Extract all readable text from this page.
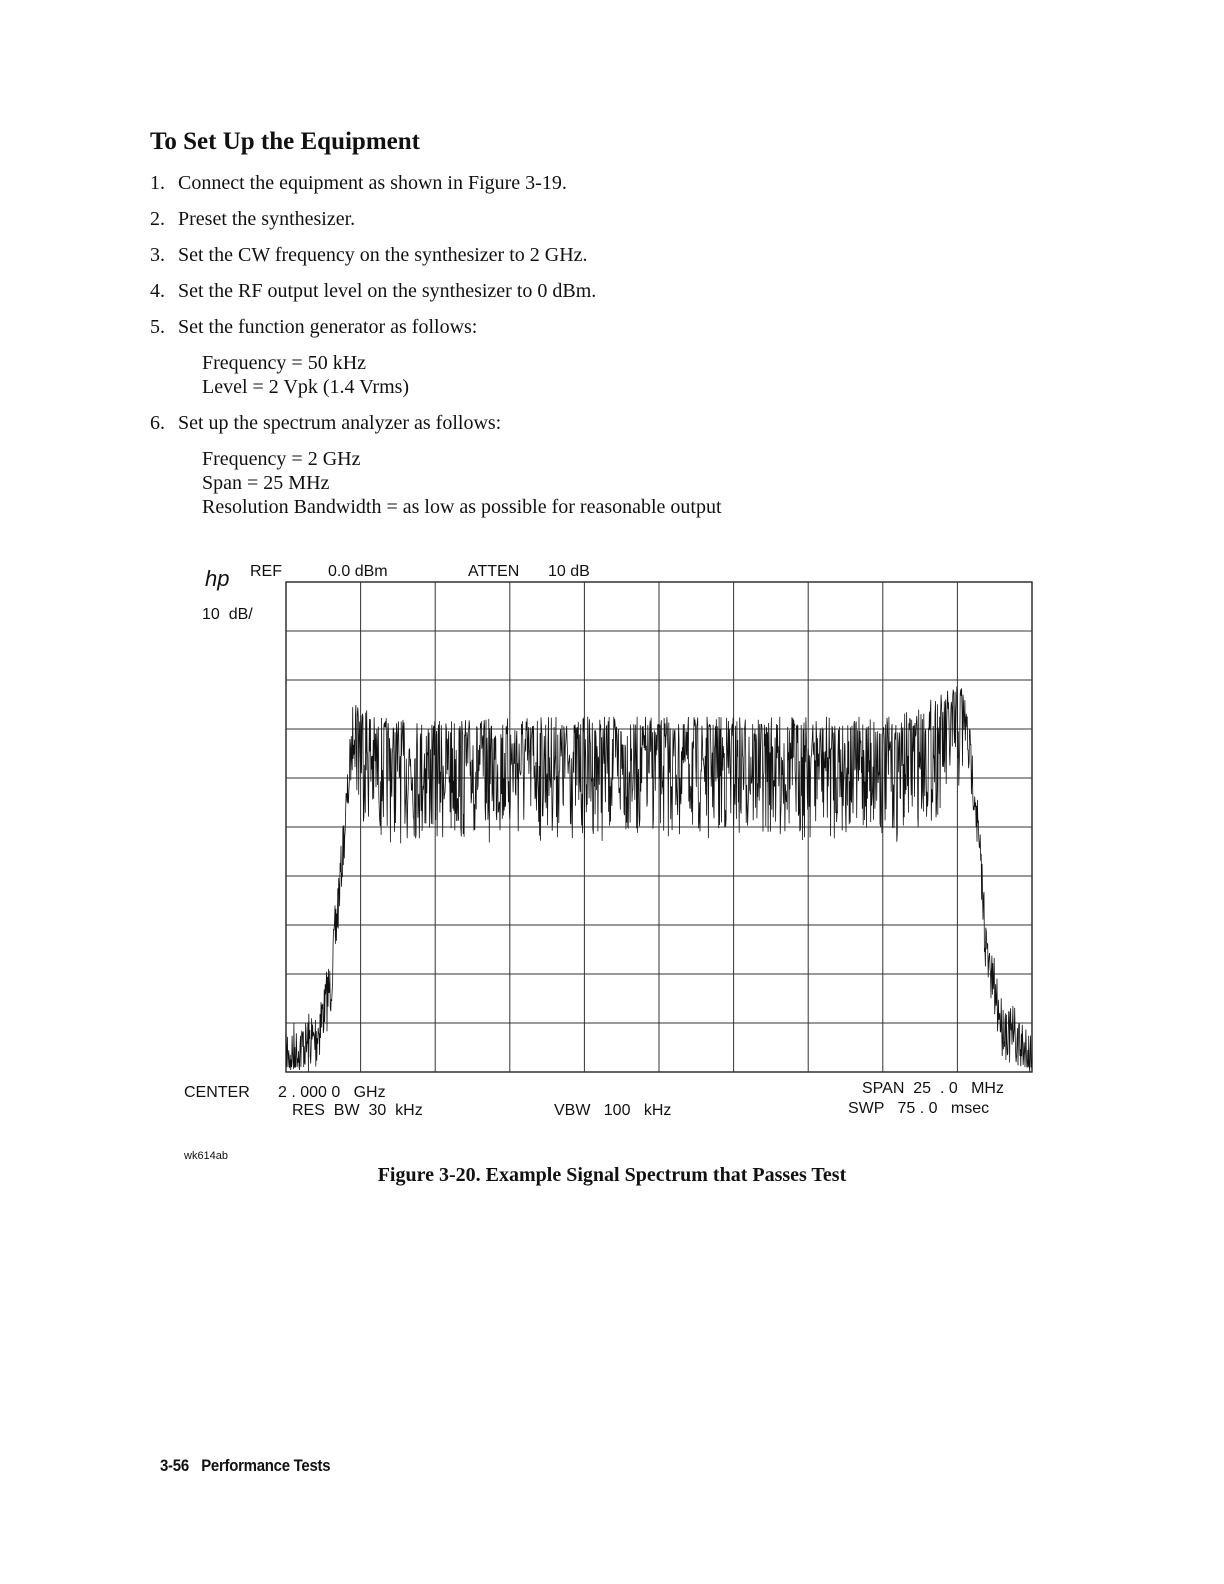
To Set Up the Equipment
1. Connect the equipment as shown in Figure 3-19.
2. Preset the synthesizer.
3. Set the CW frequency on the synthesizer to 2 GHz.
4. Set the RF output level on the synthesizer to 0 dBm.
5. Set the function generator as follows:
Frequency = 50 kHz
Level = 2 Vpk (1.4 Vrms)
6. Set up the spectrum analyzer as follows:
Frequency = 2 GHz
Span = 25 MHz
Resolution Bandwidth = as low as possible for reasonable output
hp REF	0.0 dBm	ATTEN 10 dB
10  dB/
CENTER 2 . 000 0   GHz
RES  BW  30  kHz	VBW   100   kHz
SPAN  25  . 0   MHz
SWP   75 . 0   msec
wk614ab
Figure 3-20. Example Signal Spectrum that Passes Test
3-56 Performance Tests
